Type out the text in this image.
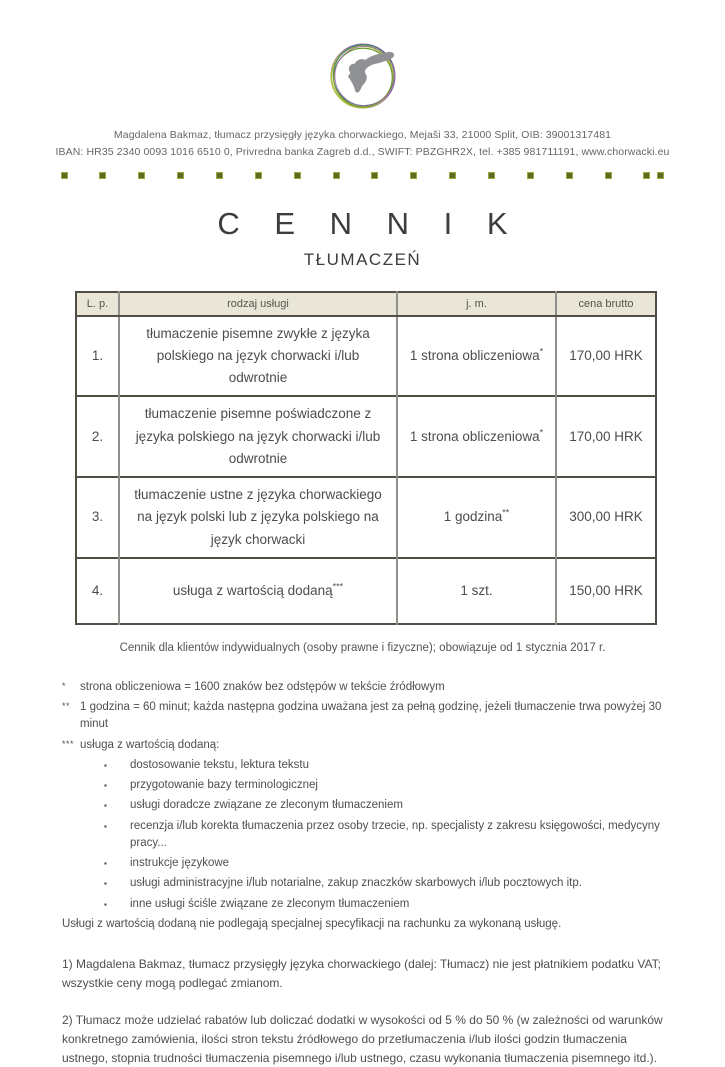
Magdalena Bakmaz, tłumacz przysięgły języka chorwackiego, Mejaši 33, 21000 Split, OIB: 39001317481
IBAN: HR35 2340 0093 1016 6510 0, Privredna banka Zagreb d.d., SWIFT: PBZGHR2X, tel. +385 981711191, www.chorwacki.eu
C E N N I K
TŁUMACZEŃ
L. p.	rodzaj usługi	j. m.	cena brutto
1.	tłumaczenie pisemne zwykłe z języka polskiego na język chorwacki i/lub odwrotnie	1 strona obliczeniowa*	170,00 HRK
2.	tłumaczenie pisemne poświadczone z języka polskiego na język chorwacki i/lub odwrotnie	1 strona obliczeniowa*	170,00 HRK
3.	tłumaczenie ustne z języka chorwackiego na język polski lub z języka polskiego na język chorwacki	1 godzina**	300,00 HRK
4.	usługa z wartością dodaną***	1 szt.	150,00 HRK
Cennik dla klientów indywidualnych (osoby prawne i fizyczne); obowiązuje od 1 stycznia 2017 r.
*	strona obliczeniowa = 1600 znaków bez odstępów w tekście źródłowym
** 1 godzina = 60 minut; każda następna godzina uważana jest za pełną godzinę, jeżeli tłumaczenie trwa powyżej 30 minut
*** usługa z wartością dodaną:
▪	dostosowanie tekstu, lektura tekstu
▪	przygotowanie bazy terminologicznej
▪	usługi doradcze związane ze zleconym tłumaczeniem
▪	recenzja i/lub korekta tłumaczenia przez osoby trzecie, np. specjalisty z zakresu księgowości, medycyny pracy...
▪	instrukcje językowe
▪	usługi administracyjne i/lub notarialne, zakup znaczków skarbowych i/lub pocztowych itp.
▪	inne usługi ściśle związane ze zleconym tłumaczeniem
Usługi z wartością dodaną nie podlegają specjalnej specyfikacji na rachunku za wykonaną usługę.

1) Magdalena Bakmaz, tłumacz przysięgły języka chorwackiego (dalej: Tłumacz) nie jest płatnikiem podatku VAT; wszystkie ceny mogą podlegać zmianom.

2) Tłumacz może udzielać rabatów lub doliczać dodatki w wysokości od 5 % do 50 % (w zależności od warunków konkretnego zamówienia, ilości stron tekstu źródłowego do przetłumaczenia i/lub ilości godzin tłumaczenia ustnego, stopnia trudności tłumaczenia pisemnego i/lub ustnego, czasu wykonania tłumaczenia pisemnego itd.).
